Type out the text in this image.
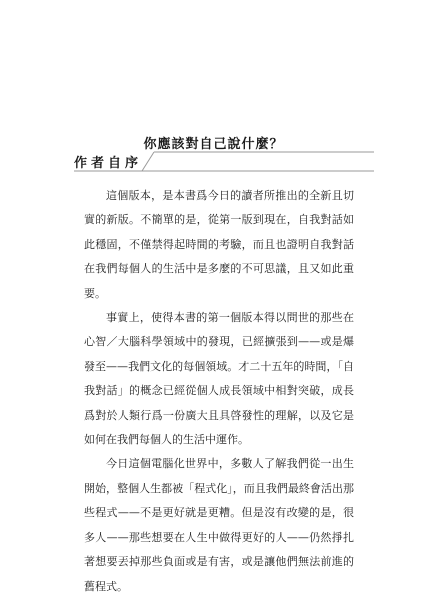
你應該對自己說什麼？
作者自序

這個版本，是本書爲今日的讀者所推出的全新且切實的新版。不簡單的是，從第一版到現在，自我對話如此穩固，不僅禁得起時間的考驗，而且也證明自我對話在我們每個人的生活中是多麼的不可思議，且又如此重要。

事實上，使得本書的第一個版本得以問世的那些在心智／大腦科學領域中的發現，已經擴張到——或是爆發至——我們文化的每個領域。才二十五年的時間，「自我對話」的概念已經從個人成長領域中相對突破，成長爲對於人類行爲一份廣大且具啓發性的理解，以及它是如何在我們每個人的生活中運作。

今日這個電腦化世界中，多數人了解我們從一出生開始，整個人生都被「程式化」，而且我們最終會活出那些程式——不是更好就是更糟。但是沒有改變的是，很多人——那些想要在人生中做得更好的人——仍然掙扎著想要丟掉那些負面或是有害，或是讓他們無法前進的舊程式。
